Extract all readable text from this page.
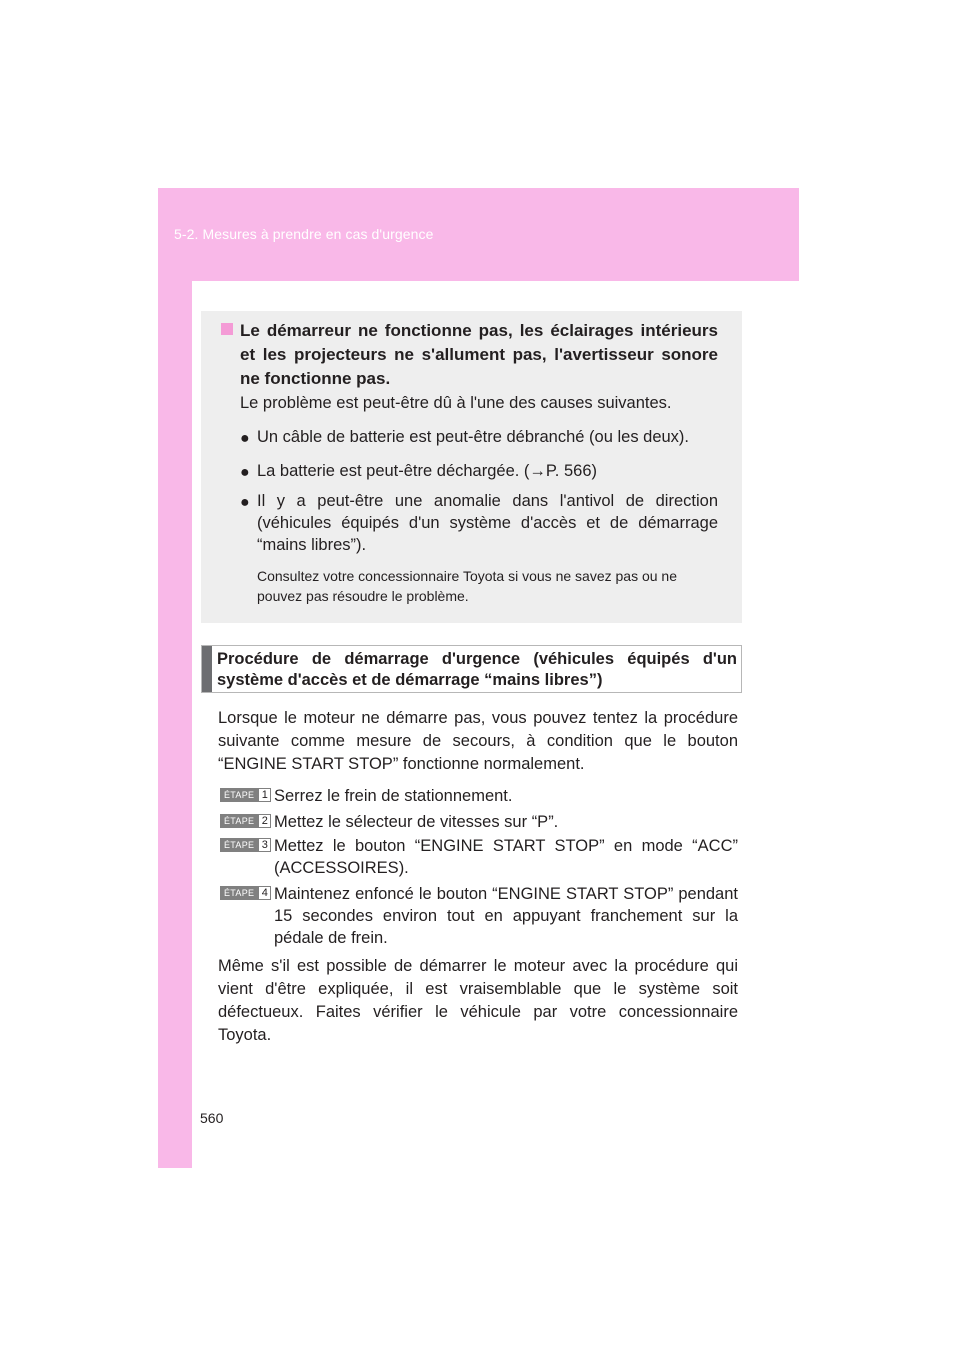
5-2. Mesures à prendre en cas d'urgence
Le démarreur ne fonctionne pas, les éclairages intérieurs et les projecteurs ne s'allument pas, l'avertisseur sonore ne fonctionne pas.
Le problème est peut-être dû à l'une des causes suivantes.
● Un câble de batterie est peut-être débranché (ou les deux).
● La batterie est peut-être déchargée. (→P. 566)
● Il y a peut-être une anomalie dans l'antivol de direction (véhicules équipés d'un système d'accès et de démarrage “mains libres”).
Consultez votre concessionnaire Toyota si vous ne savez pas ou ne pouvez pas résoudre le problème.
Procédure de démarrage d'urgence (véhicules équipés d'un système d'accès et de démarrage “mains libres”)
Lorsque le moteur ne démarre pas, vous pouvez tentez la procédure suivante comme mesure de secours, à condition que le bouton “ENGINE START STOP” fonctionne normalement.
ÉTAPE 1 Serrez le frein de stationnement.
ÉTAPE 2 Mettez le sélecteur de vitesses sur “P”.
ÉTAPE 3 Mettez le bouton “ENGINE START STOP” en mode “ACC” (ACCESSOIRES).
ÉTAPE 4 Maintenez enfoncé le bouton “ENGINE START STOP” pendant 15 secondes environ tout en appuyant franchement sur la pédale de frein.
Même s'il est possible de démarrer le moteur avec la procédure qui vient d'être expliquée, il est vraisemblable que le système soit défectueux. Faites vérifier le véhicule par votre concessionnaire Toyota.
560
